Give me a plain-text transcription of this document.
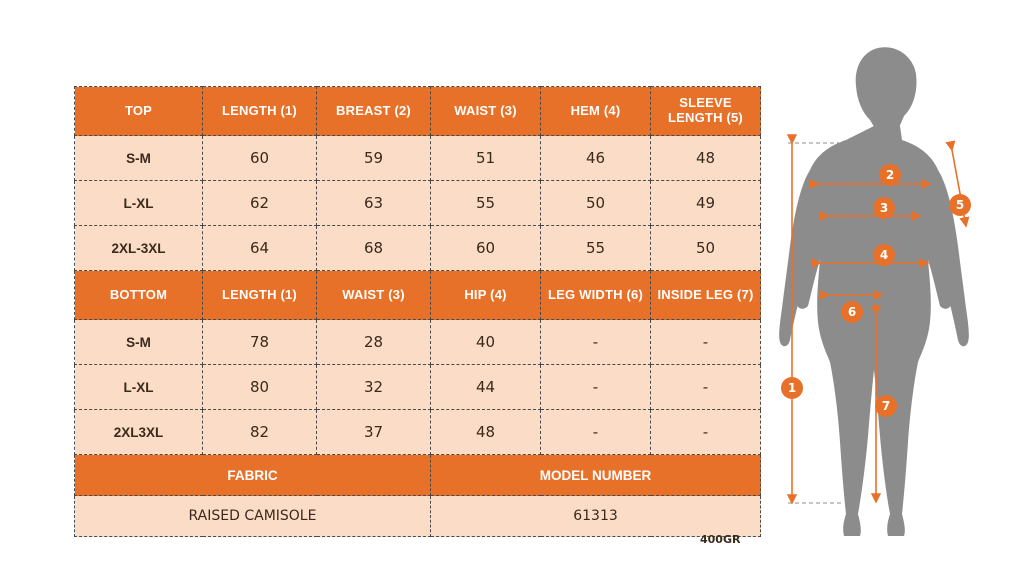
TOP	LENGTH (1)	BREAST (2)	WAIST (3)	HEM (4)	SLEEVE LENGTH (5)
S-M	60	59	51	46	48
L-XL	62	63	55	50	49
2XL-3XL	64	68	60	55	50
BOTTOM	LENGTH (1)	WAIST (3)	HIP (4)	LEG WIDTH (6)	INSIDE LEG (7)
S-M	78	28	40	-	-
L-XL	80	32	44	-	-
2XL3XL	82	37	48	-	-
FABRIC			MODEL NUMBER		
RAISED CAMISOLE			61313		
400GR
1
2
3
4
5
6
7
